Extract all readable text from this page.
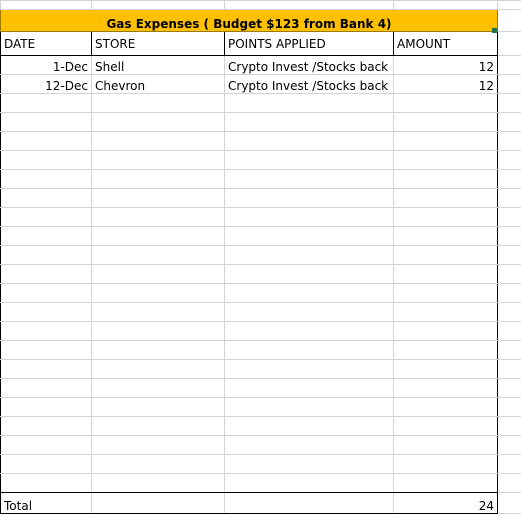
Gas Expenses ( Budget $123 from Bank 4)				
DATE	STORE	POINTS APPLIED	AMOUNT	
1-Dec	Shell	Crypto Invest /Stocks back	12	
12-Dec	Chevron	Crypto Invest /Stocks back	12	

Total			24	
